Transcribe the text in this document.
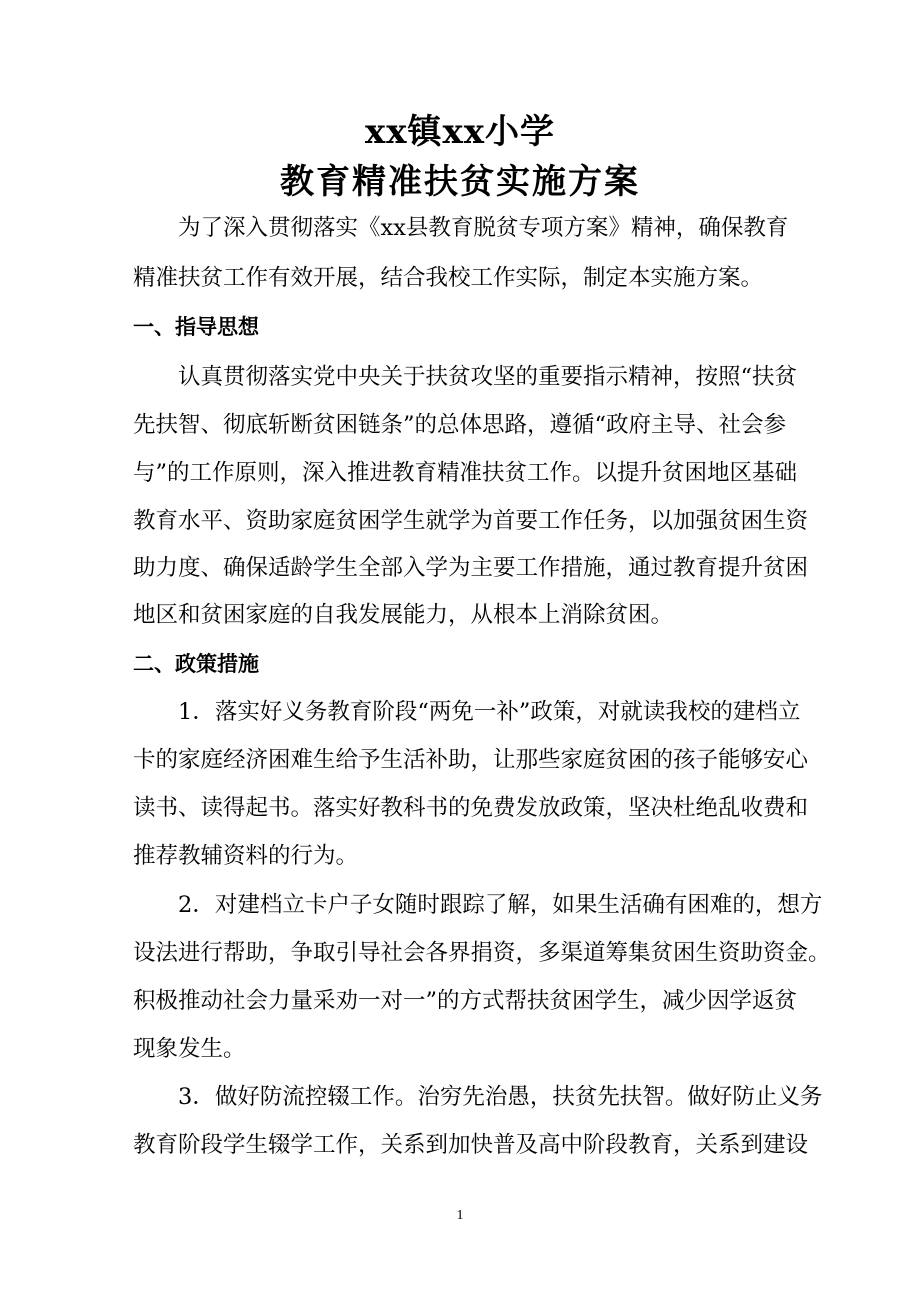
xx镇xx小学
教育精准扶贫实施方案
为了深入贯彻落实《xx县教育脱贫专项方案》精神，确保教育
精准扶贫工作有效开展，结合我校工作实际，制定本实施方案。
一、指导思想
认真贯彻落实党中央关于扶贫攻坚的重要指示精神，按照“扶贫
先扶智、彻底斩断贫困链条”的总体思路，遵循“政府主导、社会参
与”的工作原则，深入推进教育精准扶贫工作。以提升贫困地区基础
教育水平、资助家庭贫困学生就学为首要工作任务，以加强贫困生资
助力度、确保适龄学生全部入学为主要工作措施，通过教育提升贫困
地区和贫困家庭的自我发展能力，从根本上消除贫困。
二、政策措施
1．落实好义务教育阶段“两免一补”政策，对就读我校的建档立
卡的家庭经济困难生给予生活补助，让那些家庭贫困的孩子能够安心
读书、读得起书。落实好教科书的免费发放政策，坚决杜绝乱收费和
推荐教辅资料的行为。
2．对建档立卡户子女随时跟踪了解，如果生活确有困难的，想方
设法进行帮助，争取引导社会各界捐资，多渠道筹集贫困生资助资金。
积极推动社会力量采劝一对一”的方式帮扶贫困学生，减少因学返贫
现象发生。
3．做好防流控辍工作。治穷先治愚，扶贫先扶智。做好防止义务
教育阶段学生辍学工作，关系到加快普及高中阶段教育，关系到建设
1
